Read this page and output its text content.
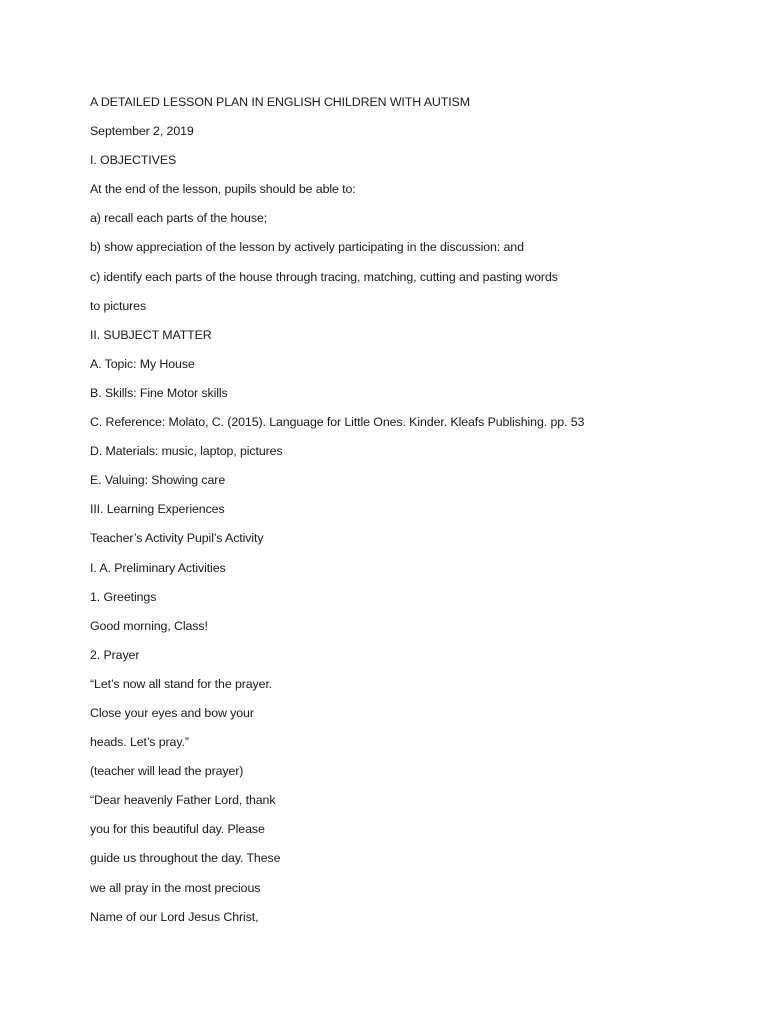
A DETAILED LESSON PLAN IN ENGLISH CHILDREN WITH AUTISM
September 2, 2019
I. OBJECTIVES
At the end of the lesson, pupils should be able to:
a) recall each parts of the house;
b) show appreciation of the lesson by actively participating in the discussion: and
c) identify each parts of the house through tracing, matching, cutting and pasting words
to pictures
II. SUBJECT MATTER
A. Topic: My House
B. Skills: Fine Motor skills
C. Reference: Molato, C. (2015). Language for Little Ones. Kinder. Kleafs Publishing. pp. 53
D. Materials: music, laptop, pictures
E. Valuing: Showing care
III. Learning Experiences
Teacher’s Activity Pupil’s Activity
I. A. Preliminary Activities
1. Greetings
Good morning, Class!
2. Prayer
“Let’s now all stand for the prayer.
Close your eyes and bow your
heads. Let’s pray.”
(teacher will lead the prayer)
“Dear heavenly Father Lord, thank
you for this beautiful day. Please
guide us throughout the day. These
we all pray in the most precious
Name of our Lord Jesus Christ,
